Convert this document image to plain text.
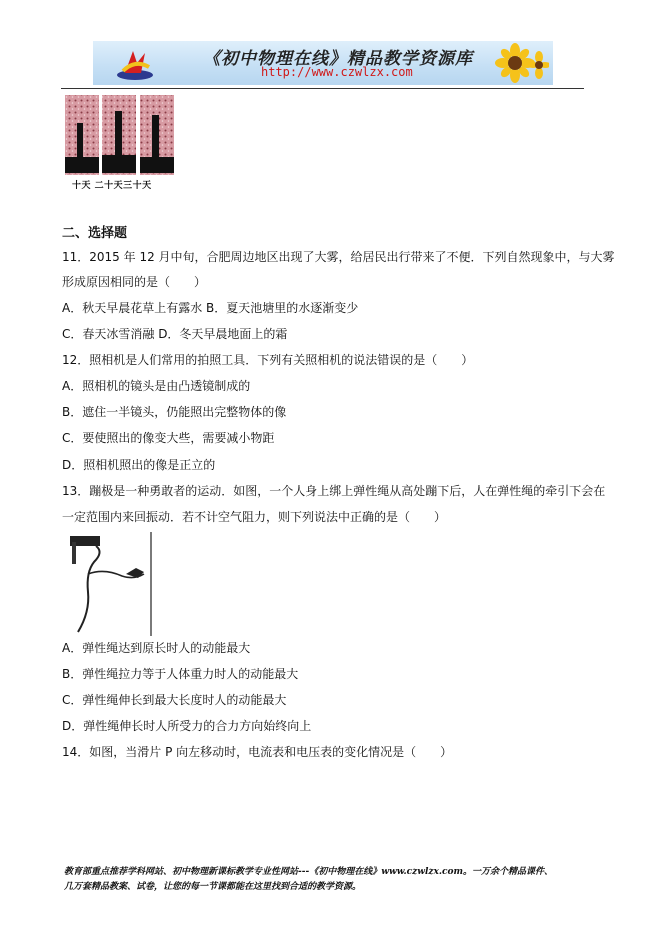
《初中物理在线》精品教学资源库
http://www.czwlzx.com
十天 二十天三十天
二、选择题
11．2015 年 12 月中旬，合肥周边地区出现了大雾，给居民出行带来了不便．下列自然现象中，与大雾
形成原因相同的是（　　）
A．秋天早晨花草上有露水 B．夏天池塘里的水逐渐变少
C．春天冰雪消融 D．冬天早晨地面上的霜
12．照相机是人们常用的拍照工具．下列有关照相机的说法错误的是（　　）
A．照相机的镜头是由凸透镜制成的
B．遮住一半镜头，仍能照出完整物体的像
C．要使照出的像变大些，需要减小物距
D．照相机照出的像是正立的
13．蹦极是一种勇敢者的运动．如图，一个人身上绑上弹性绳从高处蹦下后，人在弹性绳的牵引下会在
一定范围内来回振动．若不计空气阻力，则下列说法中正确的是（　　）
A．弹性绳达到原长时人的动能最大
B．弹性绳拉力等于人体重力时人的动能最大
C．弹性绳伸长到最大长度时人的动能最大
D．弹性绳伸长时人所受力的合力方向始终向上
14．如图，当滑片 P 向左移动时，电流表和电压表的变化情况是（　　）
教育部重点推荐学科网站、初中物理新课标教学专业性网站---《初中物理在线》www.czwlzx.com。一万余个精品课件、
几万套精品教案、试卷，让您的每一节课都能在这里找到合适的教学资源。
